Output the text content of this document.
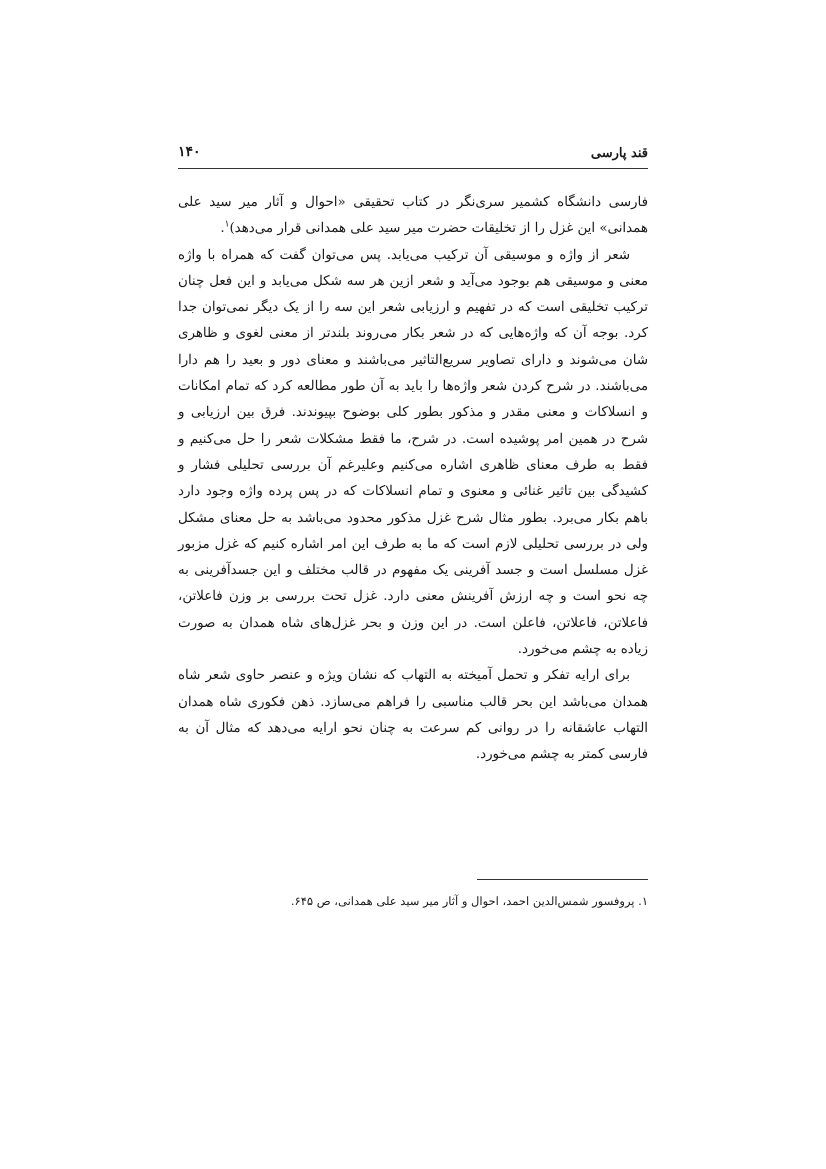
قند پارسی
۱۴۰

فارسی دانشگاه کشمیر سری‌نگر در کتاب تحقیقی «احوال و آثار میر سید علی همدانی» این غزل را از تخلیقات حضرت میر سید علی همدانی قرار می‌دهد)$^۱$.

شعر از واژه و موسیقی آن ترکیب می‌یابد. پس می‌توان گفت که همراه با واژه معنی و موسیقی هم بوجود می‌آید و شعر ازین هر سه شکل می‌یابد و این فعل چنان ترکیب تخلیقی است که در تفهیم و ارزیابی شعر این سه را از یک دیگر نمی‌توان جدا کرد. بوجه آن که واژه‌هایی که در شعر بکار می‌روند بلندتر از معنی لغوی و ظاهری شان می‌شوند و دارای تصاویر سریع‌التاثیر می‌باشند و معنای دور و بعید را هم دارا می‌باشند. در شرح کردن شعر واژه‌ها را باید به آن طور مطالعه کرد که تمام امکانات و انسلاکات و معنی مقدر و مذکور بطور کلی بوضوح بپیوندند. فرق بین ارزیابی و شرح در همین امر پوشیده است. در شرح، ما فقط مشکلات شعر را حل می‌کنیم و فقط به طرف معنای ظاهری اشاره می‌کنیم وعلیرغم آن بررسی تحلیلی فشار و کشیدگی بین تاثیر غنائی و معنوی و تمام انسلاکات که در پس پرده واژه وجود دارد باهم بکار می‌برد. بطور مثال شرح غزل مذکور محدود می‌باشد به حل معنای مشکل ولی در بررسی تحلیلی لازم است که ما به طرف این امر اشاره کنیم که غزل مزبور غزل مسلسل است و جسد آفرینی یک مفهوم در قالب مختلف و این جسدآفرینی به چه نحو است و چه ارزش آفرینش معنی دارد. غزل تحت بررسی بر وزن فاعلاتن، فاعلاتن، فاعلاتن، فاعلن است. در این وزن و بحر غزل‌های شاه همدان به صورت زیاده به چشم می‌خورد.

برای ارایه تفکر و تحمل آمیخته به التهاب که نشان ویژه و عنصر حاوی شعر شاه همدان می‌باشد این بحر قالب مناسبی را فراهم می‌سازد. ذهن فکوری شاه همدان التهاب عاشقانه را در روانی کم سرعت به چنان نحو ارایه می‌دهد که مثال آن به فارسی کمتر به چشم می‌خورد.

۱. پروفسور شمس‌الدین احمد، احوال و آثار میر سید علی همدانی، ص ۶۴۵.
